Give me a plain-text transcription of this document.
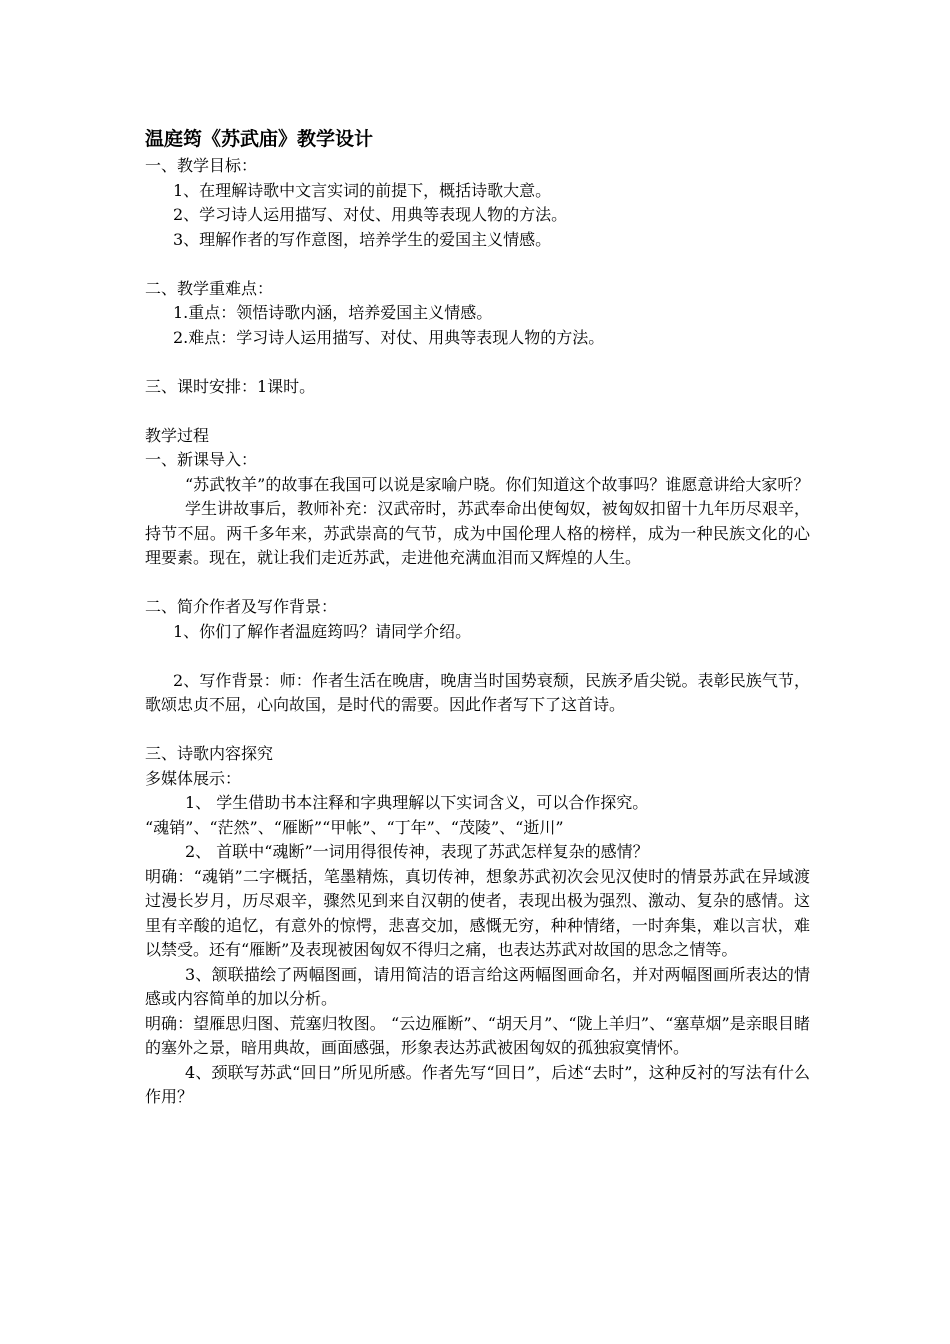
温庭筠《苏武庙》教学设计

一、教学目标：

1、在理解诗歌中文言实词的前提下，概括诗歌大意。

2、学习诗人运用描写、对仗、用典等表现人物的方法。

3、理解作者的写作意图，培养学生的爱国主义情感。

二、教学重难点：

1.重点：领悟诗歌内涵，培养爱国主义情感。

2.难点：学习诗人运用描写、对仗、用典等表现人物的方法。

三、课时安排：1课时。

教学过程

一、新课导入：

“苏武牧羊”的故事在我国可以说是家喻户晓。你们知道这个故事吗？谁愿意讲给大家听？

学生讲故事后，教师补充：汉武帝时，苏武奉命出使匈奴，被匈奴扣留十九年历尽艰辛，持节不屈。两千多年来，苏武崇高的气节，成为中国伦理人格的榜样，成为一种民族文化的心理要素。现在，就让我们走近苏武，走进他充满血泪而又辉煌的人生。

二、简介作者及写作背景：

1、你们了解作者温庭筠吗？请同学介绍。

2、写作背景：师：作者生活在晚唐，晚唐当时国势衰颓，民族矛盾尖锐。表彰民族气节，歌颂忠贞不屈，心向故国，是时代的需要。因此作者写下了这首诗。

三、诗歌内容探究

多媒体展示：

1、 学生借助书本注释和字典理解以下实词含义，可以合作探究。

“魂销”、“茫然”、“雁断”“甲帐”、“丁年”、“茂陵”、“逝川”

2、 首联中“魂断”一词用得很传神，表现了苏武怎样复杂的感情？

明确：“魂销”二字概括，笔墨精炼，真切传神，想象苏武初次会见汉使时的情景苏武在异域渡过漫长岁月，历尽艰辛，骤然见到来自汉朝的使者，表现出极为强烈、激动、复杂的感情。这里有辛酸的追忆，有意外的惊愕，悲喜交加，感慨无穷，种种情绪，一时奔集，难以言状，难以禁受。还有“雁断”及表现被困匈奴不得归之痛，也表达苏武对故国的思念之情等。

3、颔联描绘了两幅图画，请用简洁的语言给这两幅图画命名，并对两幅图画所表达的情感或内容简单的加以分析。

明确：望雁思归图、荒塞归牧图。 “云边雁断”、“胡天月”、“陇上羊归”、“塞草烟”是亲眼目睹的塞外之景，暗用典故，画面感强，形象表达苏武被困匈奴的孤独寂寞情怀。

4、颈联写苏武“回日”所见所感。作者先写“回日”，后述“去时”，这种反衬的写法有什么作用？
